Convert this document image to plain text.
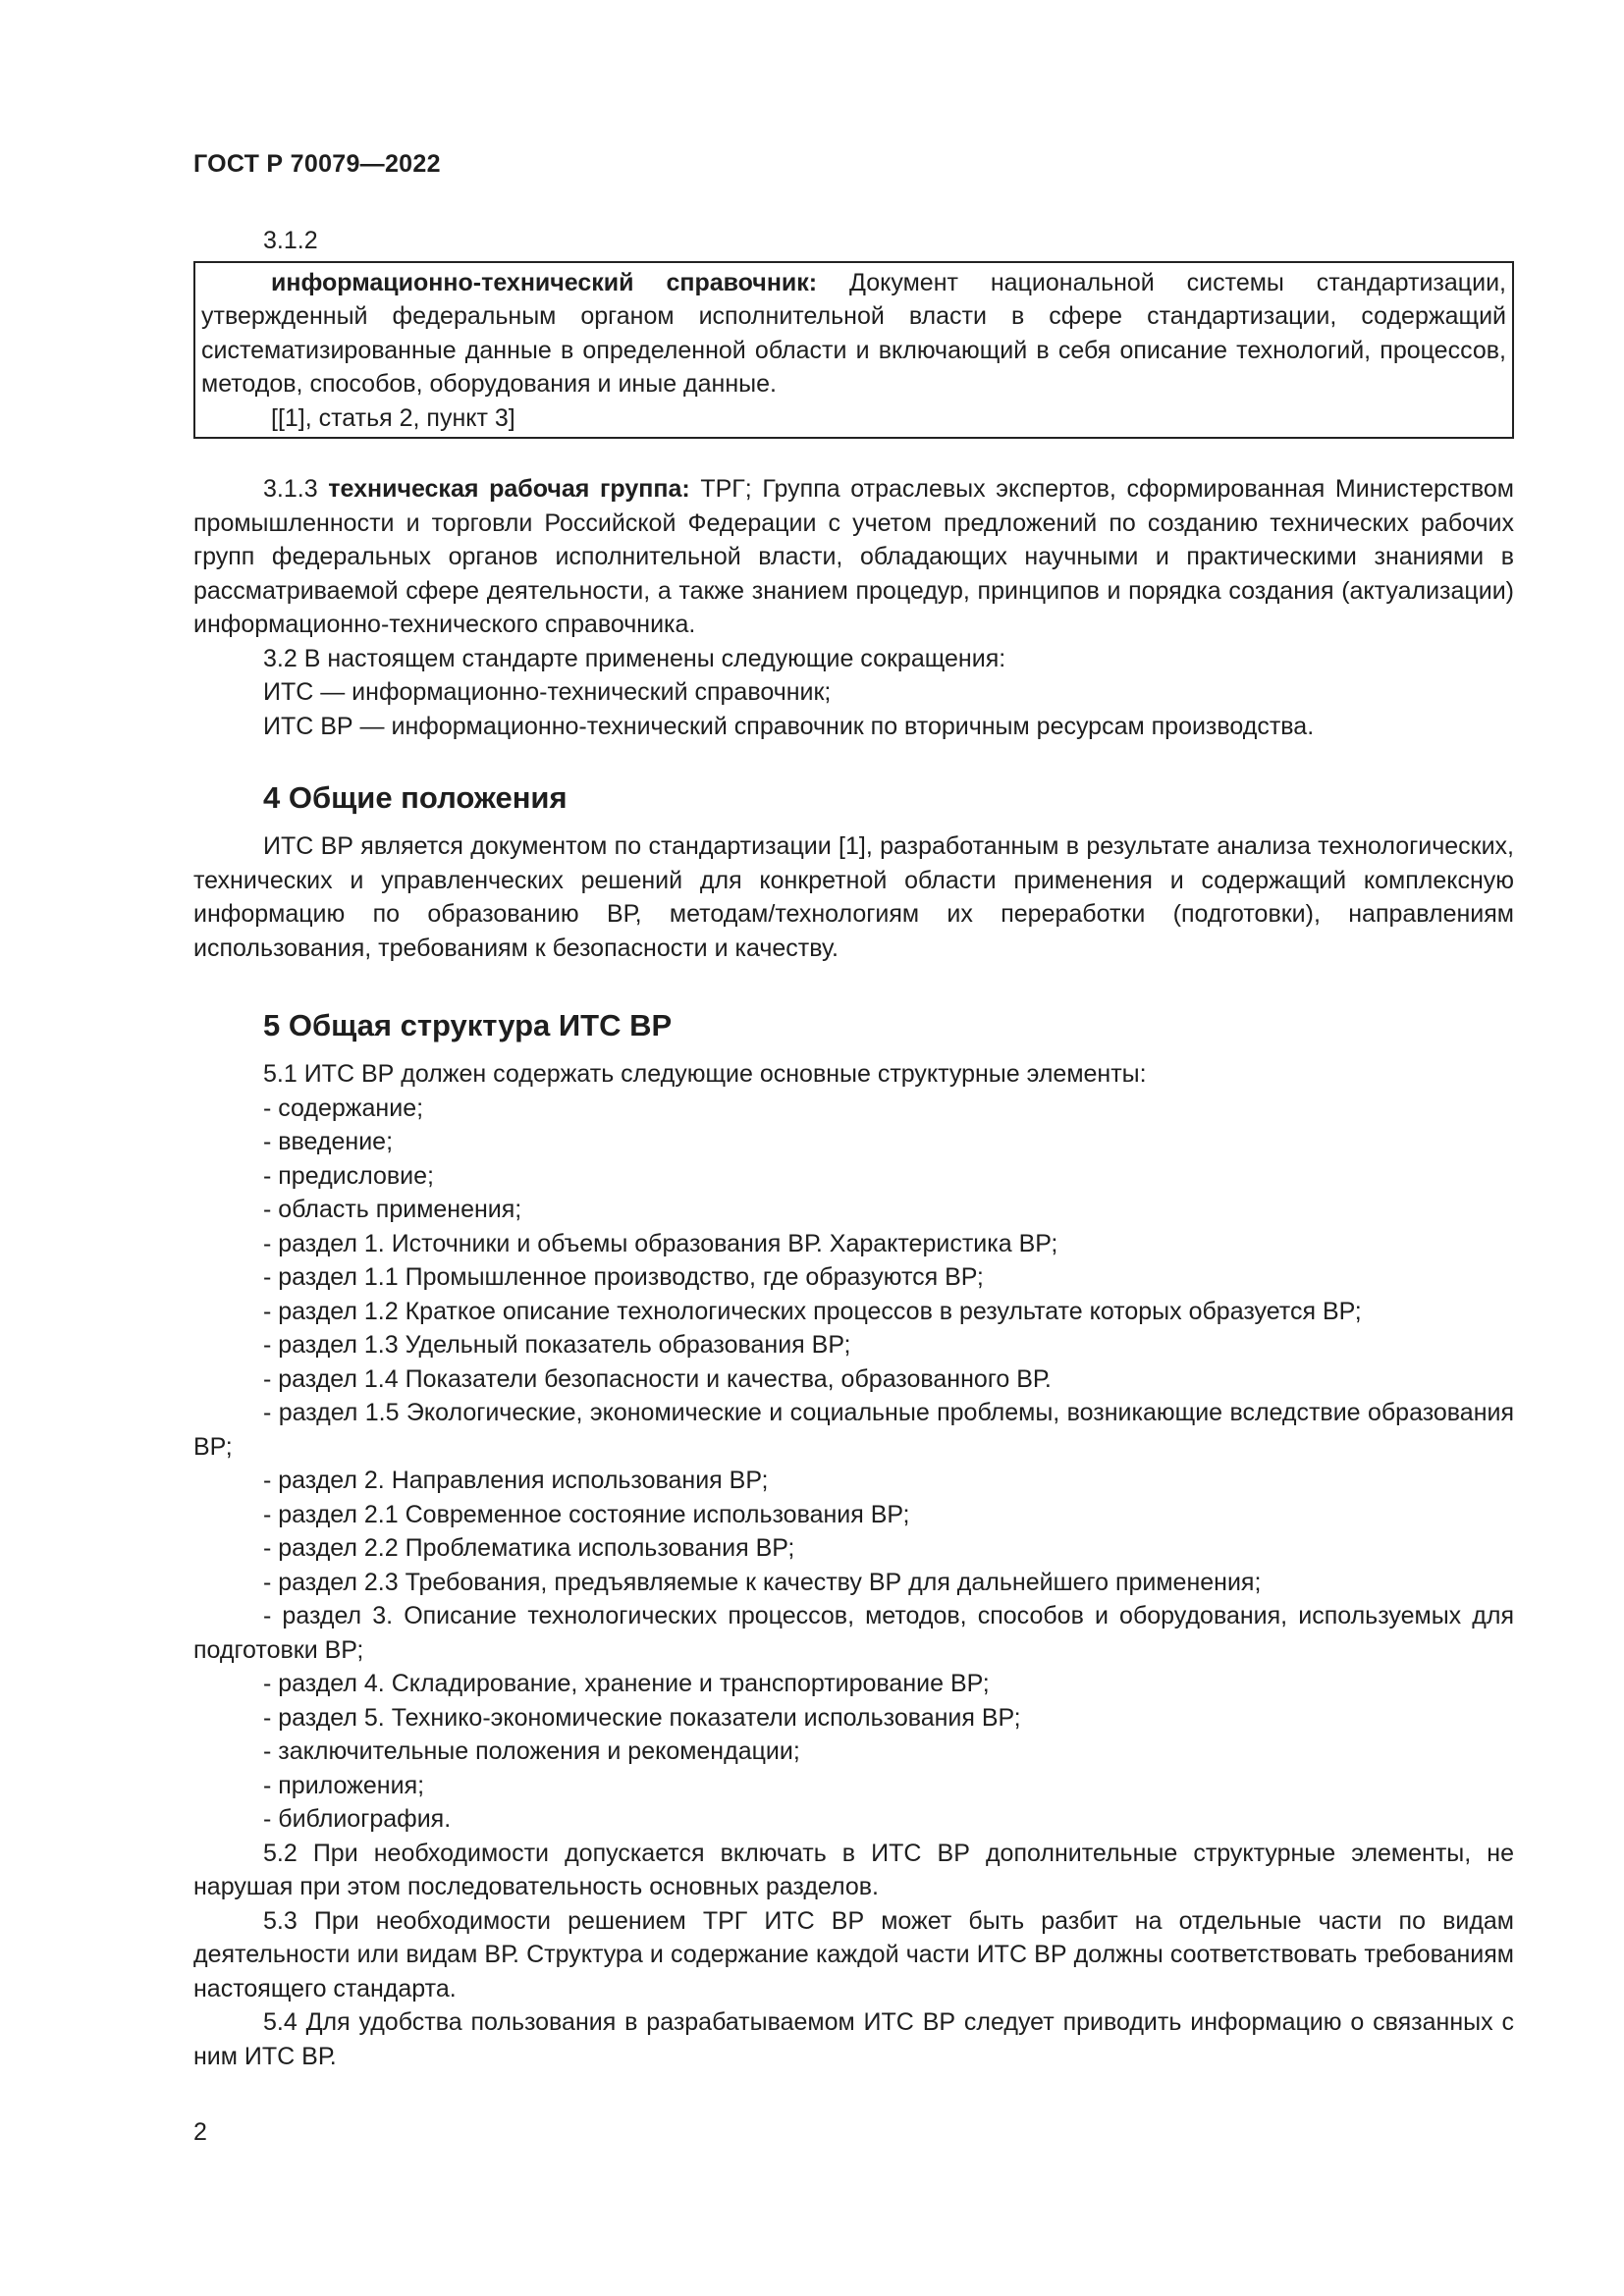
ГОСТ Р 70079—2022

3.1.2

информационно-технический справочник: Документ национальной системы стандартизации, утвержденный федеральным органом исполнительной власти в сфере стандартизации, содержащий систематизированные данные в определенной области и включающий в себя описание технологий, процессов, методов, способов, оборудования и иные данные.

[[1], статья 2, пункт 3]

3.1.3 техническая рабочая группа: ТРГ; Группа отраслевых экспертов, сформированная Министерством промышленности и торговли Российской Федерации с учетом предложений по созданию технических рабочих групп федеральных органов исполнительной власти, обладающих научными и практическими знаниями в рассматриваемой сфере деятельности, а также знанием процедур, принципов и порядка создания (актуализации) информационно-технического справочника.

3.2 В настоящем стандарте применены следующие сокращения:

ИТС — информационно-технический справочник;

ИТС ВР — информационно-технический справочник по вторичным ресурсам производства.

4 Общие положения

ИТС ВР является документом по стандартизации [1], разработанным в результате анализа технологических, технических и управленческих решений для конкретной области применения и содержащий комплексную информацию по образованию ВР, методам/технологиям их переработки (подготовки), направлениям использования, требованиям к безопасности и качеству.

5 Общая структура ИТС ВР

5.1 ИТС ВР должен содержать следующие основные структурные элементы:

- содержание;

- введение;

- предисловие;

- область применения;

- раздел 1. Источники и объемы образования ВР. Характеристика ВР;

- раздел 1.1 Промышленное производство, где образуются ВР;

- раздел 1.2 Краткое описание технологических процессов в результате которых образуется ВР;

- раздел 1.3 Удельный показатель образования ВР;

- раздел 1.4 Показатели безопасности и качества, образованного ВР.

- раздел 1.5 Экологические, экономические и социальные проблемы, возникающие вследствие образования ВР;

- раздел 2. Направления использования ВР;

- раздел 2.1 Современное состояние использования ВР;

- раздел 2.2 Проблематика использования ВР;

- раздел 2.3 Требования, предъявляемые к качеству ВР для дальнейшего применения;

- раздел 3. Описание технологических процессов, методов, способов и оборудования, используемых для подготовки ВР;

- раздел 4. Складирование, хранение и транспортирование ВР;

- раздел 5. Технико-экономические показатели использования ВР;

- заключительные положения и рекомендации;

- приложения;

- библиография.

5.2 При необходимости допускается включать в ИТС ВР дополнительные структурные элементы, не нарушая при этом последовательность основных разделов.

5.3 При необходимости решением ТРГ ИТС ВР может быть разбит на отдельные части по видам деятельности или видам ВР. Структура и содержание каждой части ИТС ВР должны соответствовать требованиям настоящего стандарта.

5.4 Для удобства пользования в разрабатываемом ИТС ВР следует приводить информацию о связанных с ним ИТС ВР.

2
